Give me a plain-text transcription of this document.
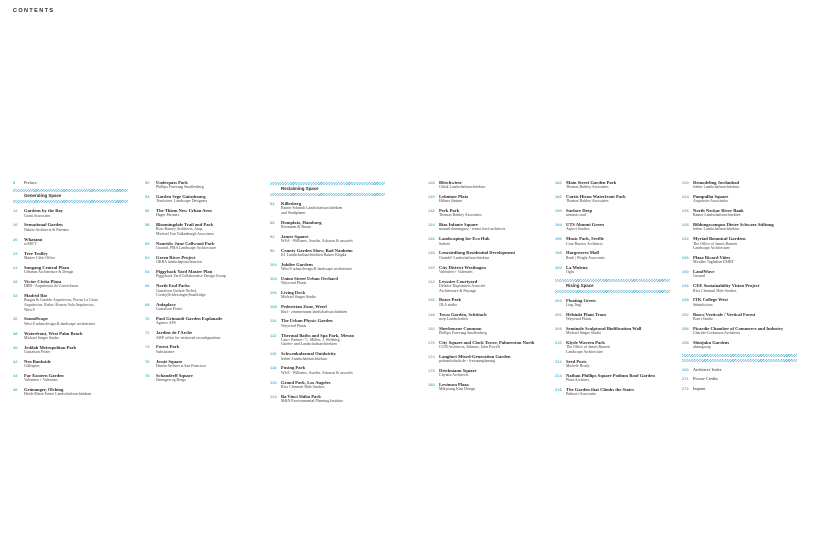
CONTENTS
5 Preface
Generating Space
12 Gardens by the Bay
Grant Associates
16 Sensational Garden
Nabito Architects & Partners
20 Whatami
stARTT
22 Tree Trolley
Matteo Cibic Office
24 Sungang Central Plaza
Urbanus Architecture & Design
28 Victor Civita Plaza
DBB - Arquitetura da Convivência
32 Madrid Rio
Burgos & Garrido Arquitectos, Porras La Casta
Arquitectos, Rubio Álvarez Sala Arquitectos,
West 8
36 SoundScape
West 8 urban design & landscape architecture
38 Waterfront, West Palm Beach
Michael Singer Studio
40 Jeddah Metropolitan Park
Gustafson Porter
42 Neo Bankside
Gillespies
44 Far Eastern Garden
Valentien + Valentien
46 Grünanger, Olching
Heide Marie Ertner Landschaftsarchitekten
50 Underpass Park
Phillips Farevaag Smallenberg
54 Garden Sege Gainsbourg
Territoires, Landscape Designers
56 The Thiem New Urban Area
Hager Partners
58 Bloomingdale Trail and Park
Ross Barney Architects, Arup,
Michael Van Valkenburgh Associates
60 Nourish: June Callwood Park
Ground, PMA Landscape Architecture
62 Green River Project
OKRA landschapsarchitecten
64 Piggyback Yard Master Plan
Piggyback Yard Collaborative Design Group
66 North End Parks
Gustafson Guthrie Nichol,
Crosby|Schlessinger|Smallridge
68 Anlaplace
Gustafson Porter
70 Paul Grimault Garden Esplanade
Agence APS
72 Jardins de l'Arche
AWP office for territorial reconfiguration
74 Forest Park
Subsistance
76 Jessie Square
Hanlin Architects San Francisco
78 Schanderff Square
Østengen og Bergo
Reclaiming Space
84 Killesberg
Rainer Schmidt Landschaftsarchitekten
und Stadtplaner
88 Domplatz, Hamburg
Breimann & Bruun
92 James Square
WSA - Williams, Asselin, Ackaoui & associés
96 County Garden Show, Bad Nauheim
K1 Landschaftsarchitekten Rainer Klapka
100 Jubilee Gardens
West 8 urban design & landscape architecture
104 Union Street Urban Orchard
Wayward Plants
106 Living Dock
Michael Singer Studio
108 Pedestrian Zone, Wesel
bbzl - zimmermann landschaftsarchitekten
110 The Urban Physic Garden
Wayward Plants
112 Thermal Baths and Spa Park, Meran
Latz+ Partner / C. Müller, J. Wehberg,
Garten- und Landschaftsarchitekten
116 Schwenkalarmal Outdoicity
leeber Landschaftsarchitektur
118 Fusing Park
WSA - Williams, Asselin, Ackaoui & associés
120 Grand Park, Los Angeles
Rios Clementi Hale Studios
124 Ba Vinci Shiba Park
M&N Environmental Planning Institute
128 Bleichwiese
Glück Landschaftsarchitektur
130 Lehniner Platz
Hiltner Jüntner
132 Perk Park
Thomas Balsley Associates
134 Bias Infante Square
manuel dominguez / ernest ferrè architects
136 Landscaping for Eco Hub
Salient
138 Lenzsiedlung Residential Development
Outside! Landschaftsarchitektur
140 City District Westhagen
Valentien + Valentien
142 Leyssire Courtyard
Delaitre Duplantiers Associés
Architecture & Paysage
146 Beare Park
JILA studio
148 Town Garden, Schittach
mvp Landschaften
152 Sherbourne Common
Phillips Farevaag Smallenberg
170 City Square and Clock Tower, Palmerston North
CCM Architects, Isthmus, John Powell
174 Langfurt Mixed-Generation Garden
pelzundschulz.de - freiraumplanung
176 Deichmann Square
Cityatto Architects
180 Levinson Plaza
Mikyoung Kim Design
182 Main Street Garden Park
Thomas Balsley Associates
186 Curtis Hixon Waterfront Park
Thomas Balsley Associates
190 Surface Deep
nemesis stad
194 UTS Alumni Green
Aspect Studios
196 Music Park, Seville
Cruz Barrios Architects
198 Hargreaves Mall
Rush | Wright Associates
200 La Mulena
Oglu
Rising Space
204 Floating Green
Ling Jing
206 Helsinki Plant Tram
Wayward Plants
208 Seminole Sculptural Biofiltration Wall
Michael Singer Studio
210 Klyde Warren Park
The Office of James Burnett
Landscape Architecture
212 Seed Posts
Michele Brody
214 Nathan Phillips Square Podium Roof Garden
Plant Architect
218 The Garden that Climbs the Stairs
Balmori Associates
220 Remodeling Jordanbad
leeber Landschaftsarchitektur
224 Pampulha Square
Arquitetos Associados
226 North Neckar River Bank
Rainer Landschaftsarchitekten
228 Bildungscampus Dieter Schwarz Stiftung
leeber Landschaftsarchitektur
232 Myriad Botanical Gardens
The Office of James Burnett
Landscape Architecture
236 Plaza Ricard Viñes
Miralles Tagliabue EMBT
240 LandWave
Ground
246 CEE Sustainability Vision Project
Rios Clementi Hale Studios
248 ITK College West
Stimulicious
252 Bosco Verticale / Vertical Forest
Boeri Studio
256 Picardie Chamber of Commerce and Industry
Chartier-Corbasson Architects
258 Shinjuku Gardens
ubmegroup
262 Architects' Index
271 Picture Credits
272 Imprint
